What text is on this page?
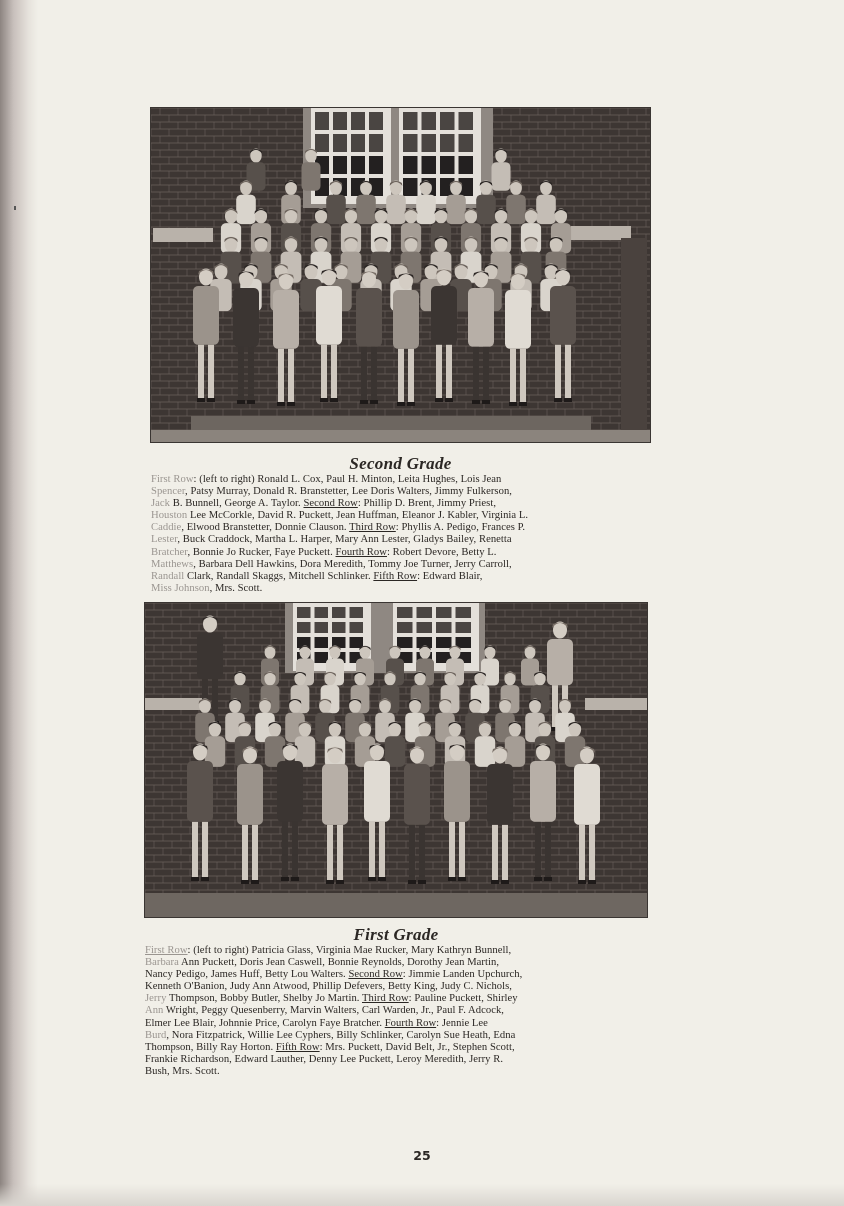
Second Grade
First Row: (left to right) Ronald L. Cox, Paul H. Minton, Leita Hughes, Lois Jean
Spencer, Patsy Murray, Donald R. Branstetter, Lee Doris Walters, Jimmy Fulkerson,
Jack B. Bunnell, George A. Taylor. Second Row: Phillip D. Brent, Jimmy Priest,
Houston Lee McCorkle, David R. Puckett, Jean Huffman, Eleanor J. Kabler, Virginia L.
Caddie, Elwood Branstetter, Donnie Clauson. Third Row: Phyllis A. Pedigo, Frances P.
Lester, Buck Craddock, Martha L. Harper, Mary Ann Lester, Gladys Bailey, Renetta
Bratcher, Bonnie Jo Rucker, Faye Puckett. Fourth Row: Robert Devore, Betty L.
Matthews, Barbara Dell Hawkins, Dora Meredith, Tommy Joe Turner, Jerry Carroll,
Randall Clark, Randall Skaggs, Mitchell Schlinker. Fifth Row: Edward Blair,
Miss Johnson, Mrs. Scott.
First Grade
First Row: (left to right) Patricia Glass, Virginia Mae Rucker, Mary Kathryn Bunnell,
Barbara Ann Puckett, Doris Jean Caswell, Bonnie Reynolds, Dorothy Jean Martin,
Nancy Pedigo, James Huff, Betty Lou Walters. Second Row: Jimmie Landen Upchurch,
Kenneth O'Banion, Judy Ann Atwood, Phillip Defevers, Betty King, Judy C. Nichols,
Jerry Thompson, Bobby Butler, Shelby Jo Martin. Third Row: Pauline Puckett, Shirley
Ann Wright, Peggy Quesenberry, Marvin Walters, Carl Warden, Jr., Paul F. Adcock,
Elmer Lee Blair, Johnnie Price, Carolyn Faye Bratcher. Fourth Row: Jennie Lee
Burd, Nora Fitzpatrick, Willie Lee Cyphers, Billy Schlinker, Carolyn Sue Heath, Edna
Thompson, Billy Ray Horton. Fifth Row: Mrs. Puckett, David Belt, Jr., Stephen Scott,
Frankie Richardson, Edward Lauther, Denny Lee Puckett, Leroy Meredith, Jerry R.
Bush, Mrs. Scott.
25
